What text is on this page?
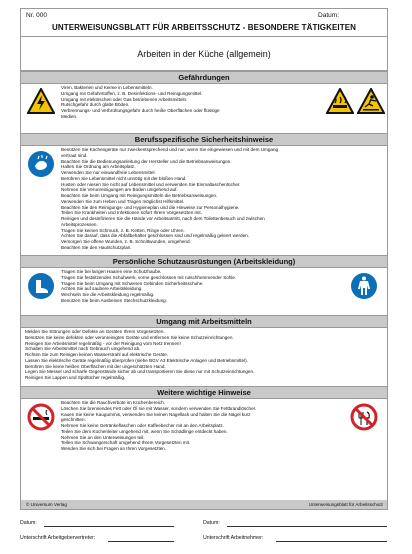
Nr. 000	Datum:
UNTERWEISUNGSBLATT FÜR ARBEITSSCHUTZ - BESONDERE TÄTIGKEITEN
Arbeiten in der Küche (allgemein)
Gefährdungen
Viren, Bakterien und Keime in Lebensmitteln.
Umgang mit Gefahrstoffen, z. B. Desinfektions- und Reinigungsmittel.
Umgang mit elektrischen oder Gas betriebenen Arbeitsmitteln.
Rutschgefahr durch glatte Böden.
Verbrennungs- und Verbrühungsgefahr durch heiße Oberflächen oder flüssige
Medien.
Berufsspezifische Sicherheitshinweise
Benützen Sie Küchengeräte nur zweckentsprechend und nur, wenn Sie eingewiesen und mit dem Umgang
vertraut sind.
Beachten Sie die Bedienungsanleitung der Hersteller und die Betriebsanweisungen.
Halten Sie Ordnung am Arbeitsplatz.
Verwenden Sie nur einwandfreie Lebensmittel.
Berühren Sie Lebensmittel nicht unnötig mit der bloßen Hand.
Husten oder niesen Sie nicht auf Lebensmittel und verwenden Sie Einmaltaschentücher.
Nehmen Sie Verunreinigungen am Boden umgehend auf.
Beachten Sie beim Umgang mit Reinigungsmitteln die Betriebsanweisungen.
Verwenden Sie zum Heben und Tragen möglichst Hilfsmittel.
Beachten Sie den Reinigungs- und Hygieneplan und die Hinweise zur Personalhygiene.
Teilen Sie Krankheiten und Infektionen sofort Ihrem Vorgesetzten mit.
Reinigen und desinfizieren Sie die Hände vor Arbeitsantritt, nach dem Toilettenbesuch und zwischen
Arbeitsprozessen.
Tragen Sie keinen Schmuck, z. B. Ketten, Ringe oder Uhren.
Achten Sie darauf, dass die Abfallbehälter geschlossen sind und regelmäßig geleert werden.
Versorgen Sie offene Wunden, z. B. Schnittwunden, umgehend.
Beachten Sie den Hautschutzplan.
Persönliche Schutzausrüstungen (Arbeitskleidung)
Tragen Sie bei langen Haaren eine Schutzhaube.
Tragen Sie festsitzendes Schuhwerk, vorne geschlossen mit rutschhemmender Sohle.
Tragen Sie beim Umgang mit Schweren Gebinden Sicherheitsschuhe.
Achten Sie auf saubere Arbeitskleidung.
Wechseln Sie die Arbeitskleidung regelmäßig.
Benutzen Sie beim Ausbeinen Stechschutzkleidung.
Umgang mit Arbeitsmitteln
Melden Sie Störungen oder Defekte an Geräten Ihrem Vorgesetzten.
Benützen Sie keine defekten oder verunreinigten Geräte und entfernen Sie keine Schutzeinrichtungen.
Reinigen Sie Arbeitsmittel regelmäßig - vor der Reinigung vom Netz trennen!
Schalten Sie Arbeitsmittel nach Gebrauch umgehend ab.
Richten Sie zum Reinigen keinen Wasserstrahl auf elektrische Geräte.
Lassen Sie elektrische Geräte regelmäßig überprüfen (siehe BGV A3 Elektrische Anlagen und Betriebsmittel).
Berühren Sie keine heißen Oberflächen mit der ungeschützten Hand.
Legen Sie Messer und scharfe Gegenstände sicher ab und transportieren Sie diese nur mit Schutzeinrichtungen.
Reinigen Sie Lappen und Spültücher regelmäßig.
Weitere wichtige Hinweise
Beachten Sie die Rauchverbote im Küchenbereich.
Löschen Sie brennendes Fett oder Öl nie mit Wasser, sondern verwenden Sie Fettbrandlöscher.
Kauen Sie keine Kaugummis, verwenden Sie keinen Nagellack und halten Sie die Nägel kurz
geschnitten.
Nehmen Sie keine Getränkeflaschen oder Kaffeebecher mit an den Arbeitsplatz.
Teilen Sie dem Küchenleiter umgehend mit, wenn Sie Schädlinge entdeckt haben.
Nehmen Sie an den Unterweisungen teil.
Teilen Sie Schwangerschaft umgehend Ihrem Vorgesetzten mit.
Wenden Sie sich bei Fragen an Ihren Vorgesetzten.
© Universum Verlag	Unterweisungsblatt für Arbeitsschutz
Datum:	Datum:
Unterschrift Arbeitgebervertreter:	Unterschrift Arbeitnehmer:
